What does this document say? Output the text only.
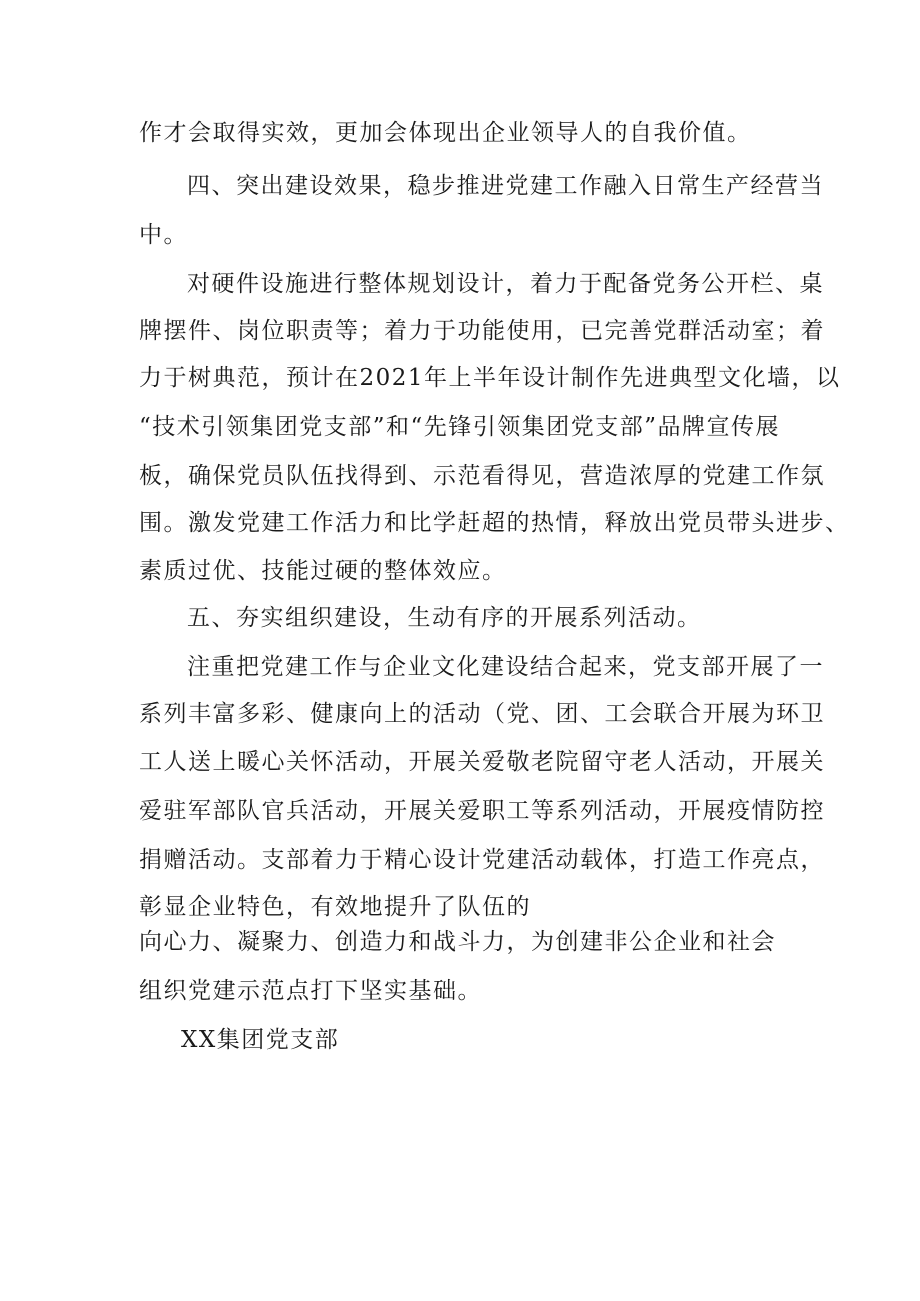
作才会取得实效，更加会体现出企业领导人的自我价值。
四、突出建设效果，稳步推进党建工作融入日常生产经营当
中。
对硬件设施进行整体规划设计，着力于配备党务公开栏、桌
牌摆件、岗位职责等；着力于功能使用，已完善党群活动室；着
力于树典范，预计在2021年上半年设计制作先进典型文化墙，以
“技术引领集团党支部”和“先锋引领集团党支部”品牌宣传展
板，确保党员队伍找得到、示范看得见，营造浓厚的党建工作氛
围。激发党建工作活力和比学赶超的热情，释放出党员带头进步、
素质过优、技能过硬的整体效应。
五、夯实组织建设，生动有序的开展系列活动。
注重把党建工作与企业文化建设结合起来，党支部开展了一
系列丰富多彩、健康向上的活动（党、团、工会联合开展为环卫
工人送上暖心关怀活动，开展关爱敬老院留守老人活动，开展关
爱驻军部队官兵活动，开展关爱职工等系列活动，开展疫情防控
捐赠活动。支部着力于精心设计党建活动载体，打造工作亮点，
彰显企业特色，有效地提升了队伍的
向心力、凝聚力、创造力和战斗力，为创建非公企业和社会
组织党建示范点打下坚实基础。
XX集团党支部
